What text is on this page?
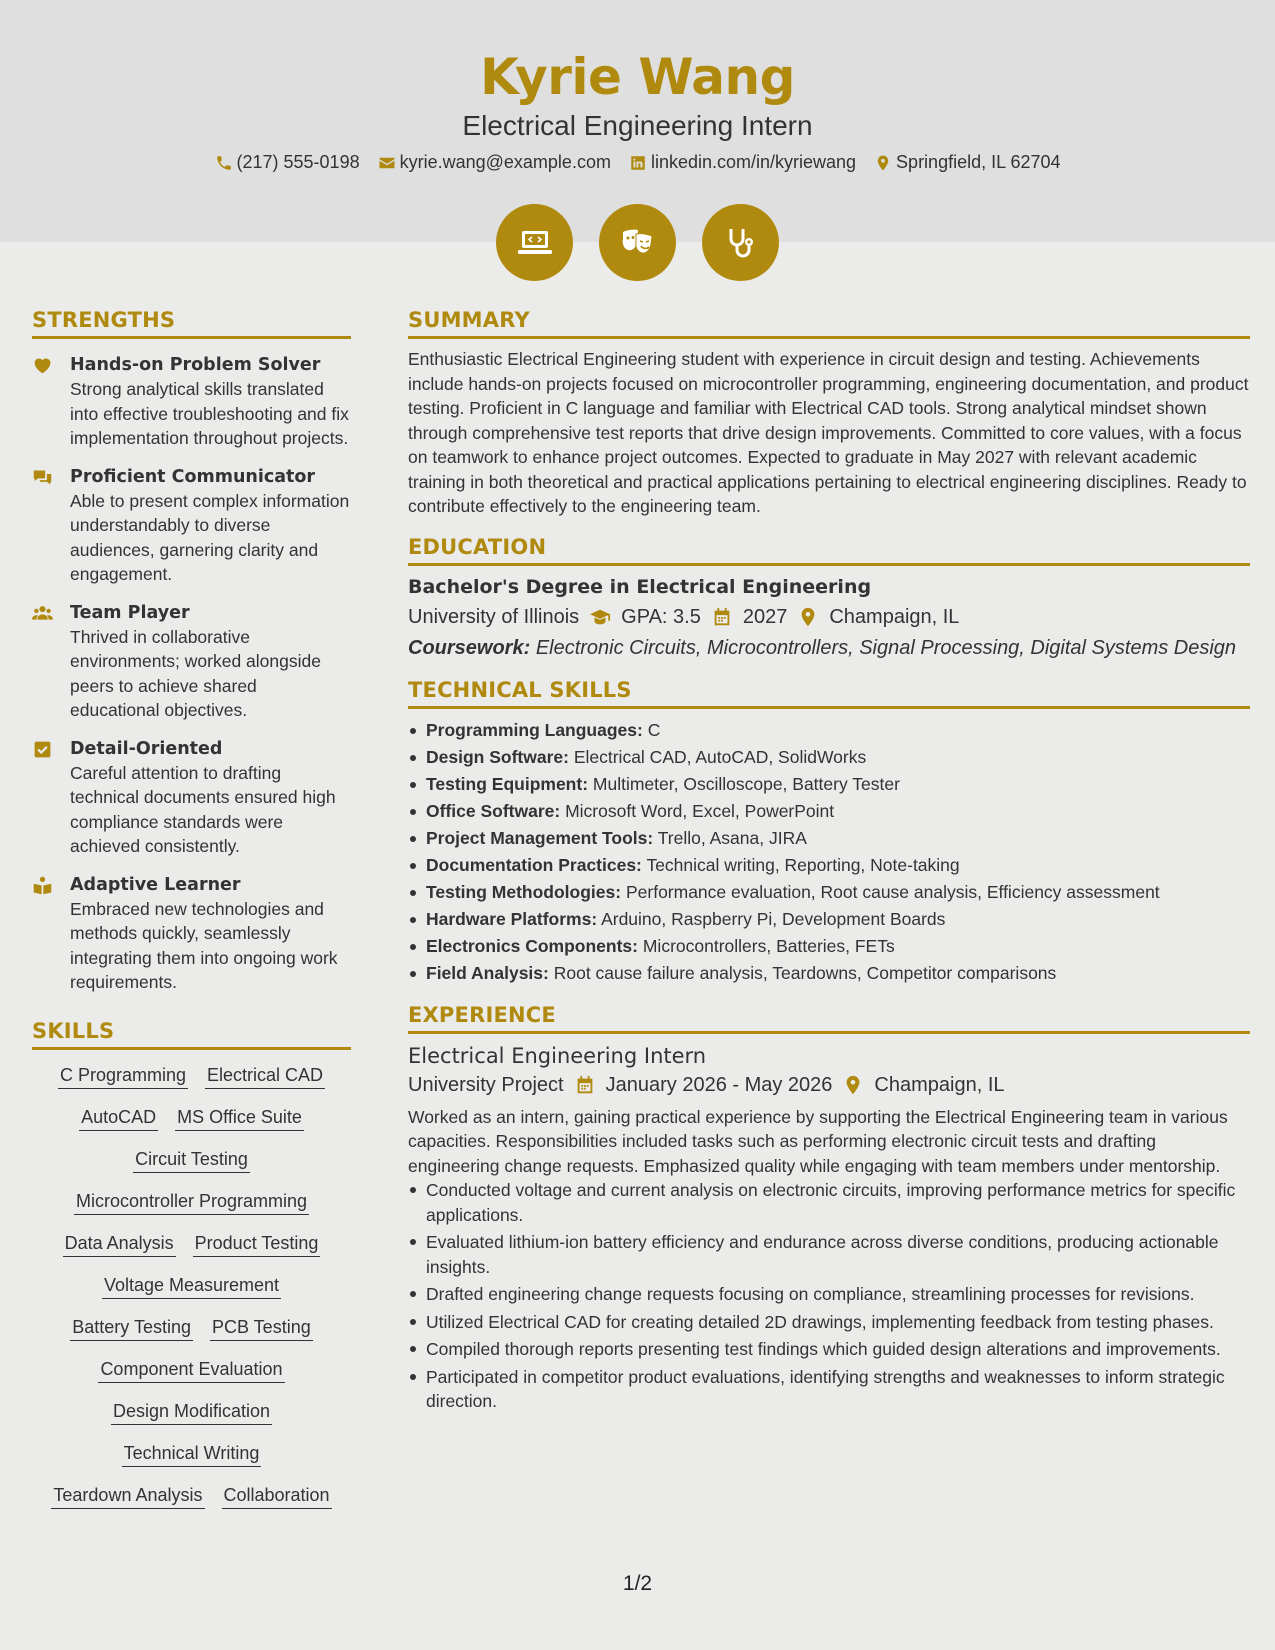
Kyrie Wang
Electrical Engineering Intern
(217) 555-0198 kyrie.wang@example.com linkedin.com/in/kyriewang Springfield, IL 62704
STRENGTHS
Hands-on Problem Solver
Strong analytical skills translated into effective troubleshooting and fix implementation throughout projects.
Proficient Communicator
Able to present complex information understandably to diverse audiences, garnering clarity and engagement.
Team Player
Thrived in collaborative environments; worked alongside peers to achieve shared educational objectives.
Detail-Oriented
Careful attention to drafting technical documents ensured high compliance standards were achieved consistently.
Adaptive Learner
Embraced new technologies and methods quickly, seamlessly integrating them into ongoing work requirements.
SKILLS
C Programming Electrical CAD
AutoCAD MS Office Suite
Circuit Testing
Microcontroller Programming
Data Analysis Product Testing
Voltage Measurement
Battery Testing PCB Testing
Component Evaluation
Design Modification
Technical Writing
Teardown Analysis Collaboration
SUMMARY
Enthusiastic Electrical Engineering student with experience in circuit design and testing. Achievements include hands-on projects focused on microcontroller programming, engineering documentation, and product testing. Proficient in C language and familiar with Electrical CAD tools. Strong analytical mindset shown through comprehensive test reports that drive design improvements. Committed to core values, with a focus on teamwork to enhance project outcomes. Expected to graduate in May 2027 with relevant academic training in both theoretical and practical applications pertaining to electrical engineering disciplines. Ready to contribute effectively to the engineering team.
EDUCATION
Bachelor's Degree in Electrical Engineering
University of Illinois GPA: 3.5 2027 Champaign, IL
Coursework: Electronic Circuits, Microcontrollers, Signal Processing, Digital Systems Design
TECHNICAL SKILLS
Programming Languages: C
Design Software: Electrical CAD, AutoCAD, SolidWorks
Testing Equipment: Multimeter, Oscilloscope, Battery Tester
Office Software: Microsoft Word, Excel, PowerPoint
Project Management Tools: Trello, Asana, JIRA
Documentation Practices: Technical writing, Reporting, Note-taking
Testing Methodologies: Performance evaluation, Root cause analysis, Efficiency assessment
Hardware Platforms: Arduino, Raspberry Pi, Development Boards
Electronics Components: Microcontrollers, Batteries, FETs
Field Analysis: Root cause failure analysis, Teardowns, Competitor comparisons
EXPERIENCE
Electrical Engineering Intern
University Project January 2026 - May 2026 Champaign, IL
Worked as an intern, gaining practical experience by supporting the Electrical Engineering team in various capacities. Responsibilities included tasks such as performing electronic circuit tests and drafting engineering change requests. Emphasized quality while engaging with team members under mentorship.
Conducted voltage and current analysis on electronic circuits, improving performance metrics for specific applications.
Evaluated lithium-ion battery efficiency and endurance across diverse conditions, producing actionable insights.
Drafted engineering change requests focusing on compliance, streamlining processes for revisions.
Utilized Electrical CAD for creating detailed 2D drawings, implementing feedback from testing phases.
Compiled thorough reports presenting test findings which guided design alterations and improvements.
Participated in competitor product evaluations, identifying strengths and weaknesses to inform strategic direction.
1/2
